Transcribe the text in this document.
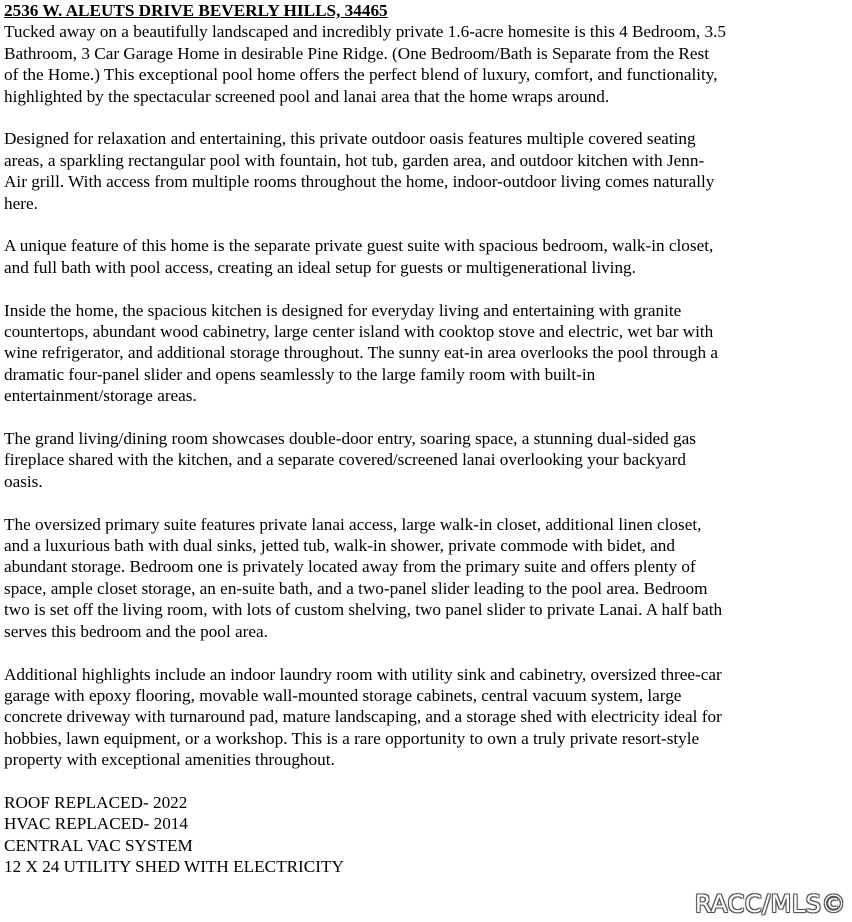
2536 W. ALEUTS DRIVE BEVERLY HILLS, 34465

Tucked away on a beautifully landscaped and incredibly private 1.6-acre homesite is this 4 Bedroom, 3.5 Bathroom, 3 Car Garage Home in desirable Pine Ridge. (One Bedroom/Bath is Separate from the Rest of the Home.) This exceptional pool home offers the perfect blend of luxury, comfort, and functionality, highlighted by the spectacular screened pool and lanai area that the home wraps around.

Designed for relaxation and entertaining, this private outdoor oasis features multiple covered seating areas, a sparkling rectangular pool with fountain, hot tub, garden area, and outdoor kitchen with Jenn-Air grill. With access from multiple rooms throughout the home, indoor-outdoor living comes naturally here.

A unique feature of this home is the separate private guest suite with spacious bedroom, walk-in closet, and full bath with pool access, creating an ideal setup for guests or multigenerational living.

Inside the home, the spacious kitchen is designed for everyday living and entertaining with granite countertops, abundant wood cabinetry, large center island with cooktop stove and electric, wet bar with wine refrigerator, and additional storage throughout. The sunny eat-in area overlooks the pool through a dramatic four-panel slider and opens seamlessly to the large family room with built-in entertainment/storage areas.

The grand living/dining room showcases double-door entry, soaring space, a stunning dual-sided gas fireplace shared with the kitchen, and a separate covered/screened lanai overlooking your backyard oasis.

The oversized primary suite features private lanai access, large walk-in closet, additional linen closet, and a luxurious bath with dual sinks, jetted tub, walk-in shower, private commode with bidet, and abundant storage. Bedroom one is privately located away from the primary suite and offers plenty of space, ample closet storage, an en-suite bath, and a two-panel slider leading to the pool area. Bedroom two is set off the living room, with lots of custom shelving, two panel slider to private Lanai. A half bath serves this bedroom and the pool area.

Additional highlights include an indoor laundry room with utility sink and cabinetry, oversized three-car garage with epoxy flooring, movable wall-mounted storage cabinets, central vacuum system, large concrete driveway with turnaround pad, mature landscaping, and a storage shed with electricity ideal for hobbies, lawn equipment, or a workshop. This is a rare opportunity to own a truly private resort-style property with exceptional amenities throughout.

ROOF REPLACED- 2022
HVAC REPLACED- 2014
CENTRAL VAC SYSTEM
12 X 24 UTILITY SHED WITH ELECTRICITY
RACC/MLS©
